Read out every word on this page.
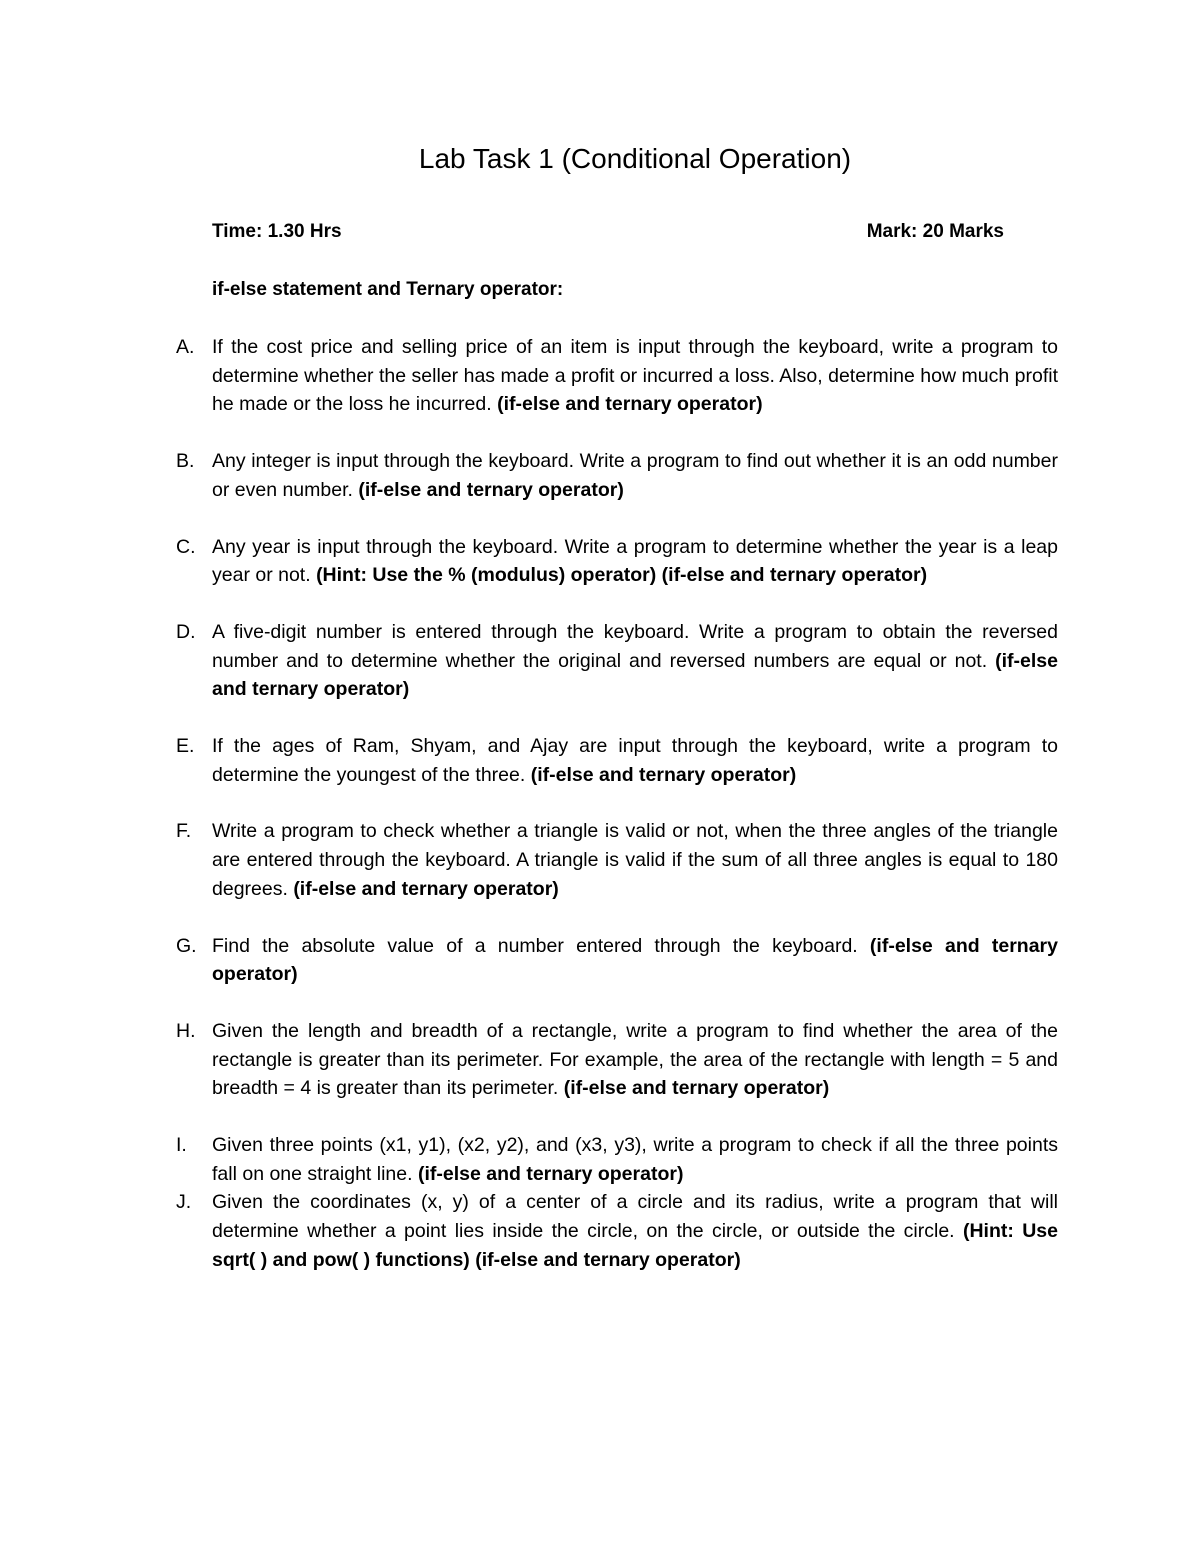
Lab Task 1 (Conditional Operation)
Time: 1.30 Hrs	Mark: 20 Marks
if-else statement and Ternary operator:
A. If the cost price and selling price of an item is input through the keyboard, write a program to determine whether the seller has made a profit or incurred a loss. Also, determine how much profit he made or the loss he incurred. (if-else and ternary operator)
B. Any integer is input through the keyboard. Write a program to find out whether it is an odd number or even number. (if-else and ternary operator)
C. Any year is input through the keyboard. Write a program to determine whether the year is a leap year or not. (Hint: Use the % (modulus) operator) (if-else and ternary operator)
D. A five-digit number is entered through the keyboard. Write a program to obtain the reversed number and to determine whether the original and reversed numbers are equal or not. (if-else and ternary operator)
E. If the ages of Ram, Shyam, and Ajay are input through the keyboard, write a program to determine the youngest of the three. (if-else and ternary operator)
F. Write a program to check whether a triangle is valid or not, when the three angles of the triangle are entered through the keyboard. A triangle is valid if the sum of all three angles is equal to 180 degrees. (if-else and ternary operator)
G. Find the absolute value of a number entered through the keyboard. (if-else and ternary operator)
H. Given the length and breadth of a rectangle, write a program to find whether the area of the rectangle is greater than its perimeter. For example, the area of the rectangle with length = 5 and breadth = 4 is greater than its perimeter. (if-else and ternary operator)
I. Given three points (x1, y1), (x2, y2), and (x3, y3), write a program to check if all the three points fall on one straight line. (if-else and ternary operator)
J. Given the coordinates (x, y) of a center of a circle and its radius, write a program that will determine whether a point lies inside the circle, on the circle, or outside the circle. (Hint: Use sqrt( ) and pow( ) functions) (if-else and ternary operator)
